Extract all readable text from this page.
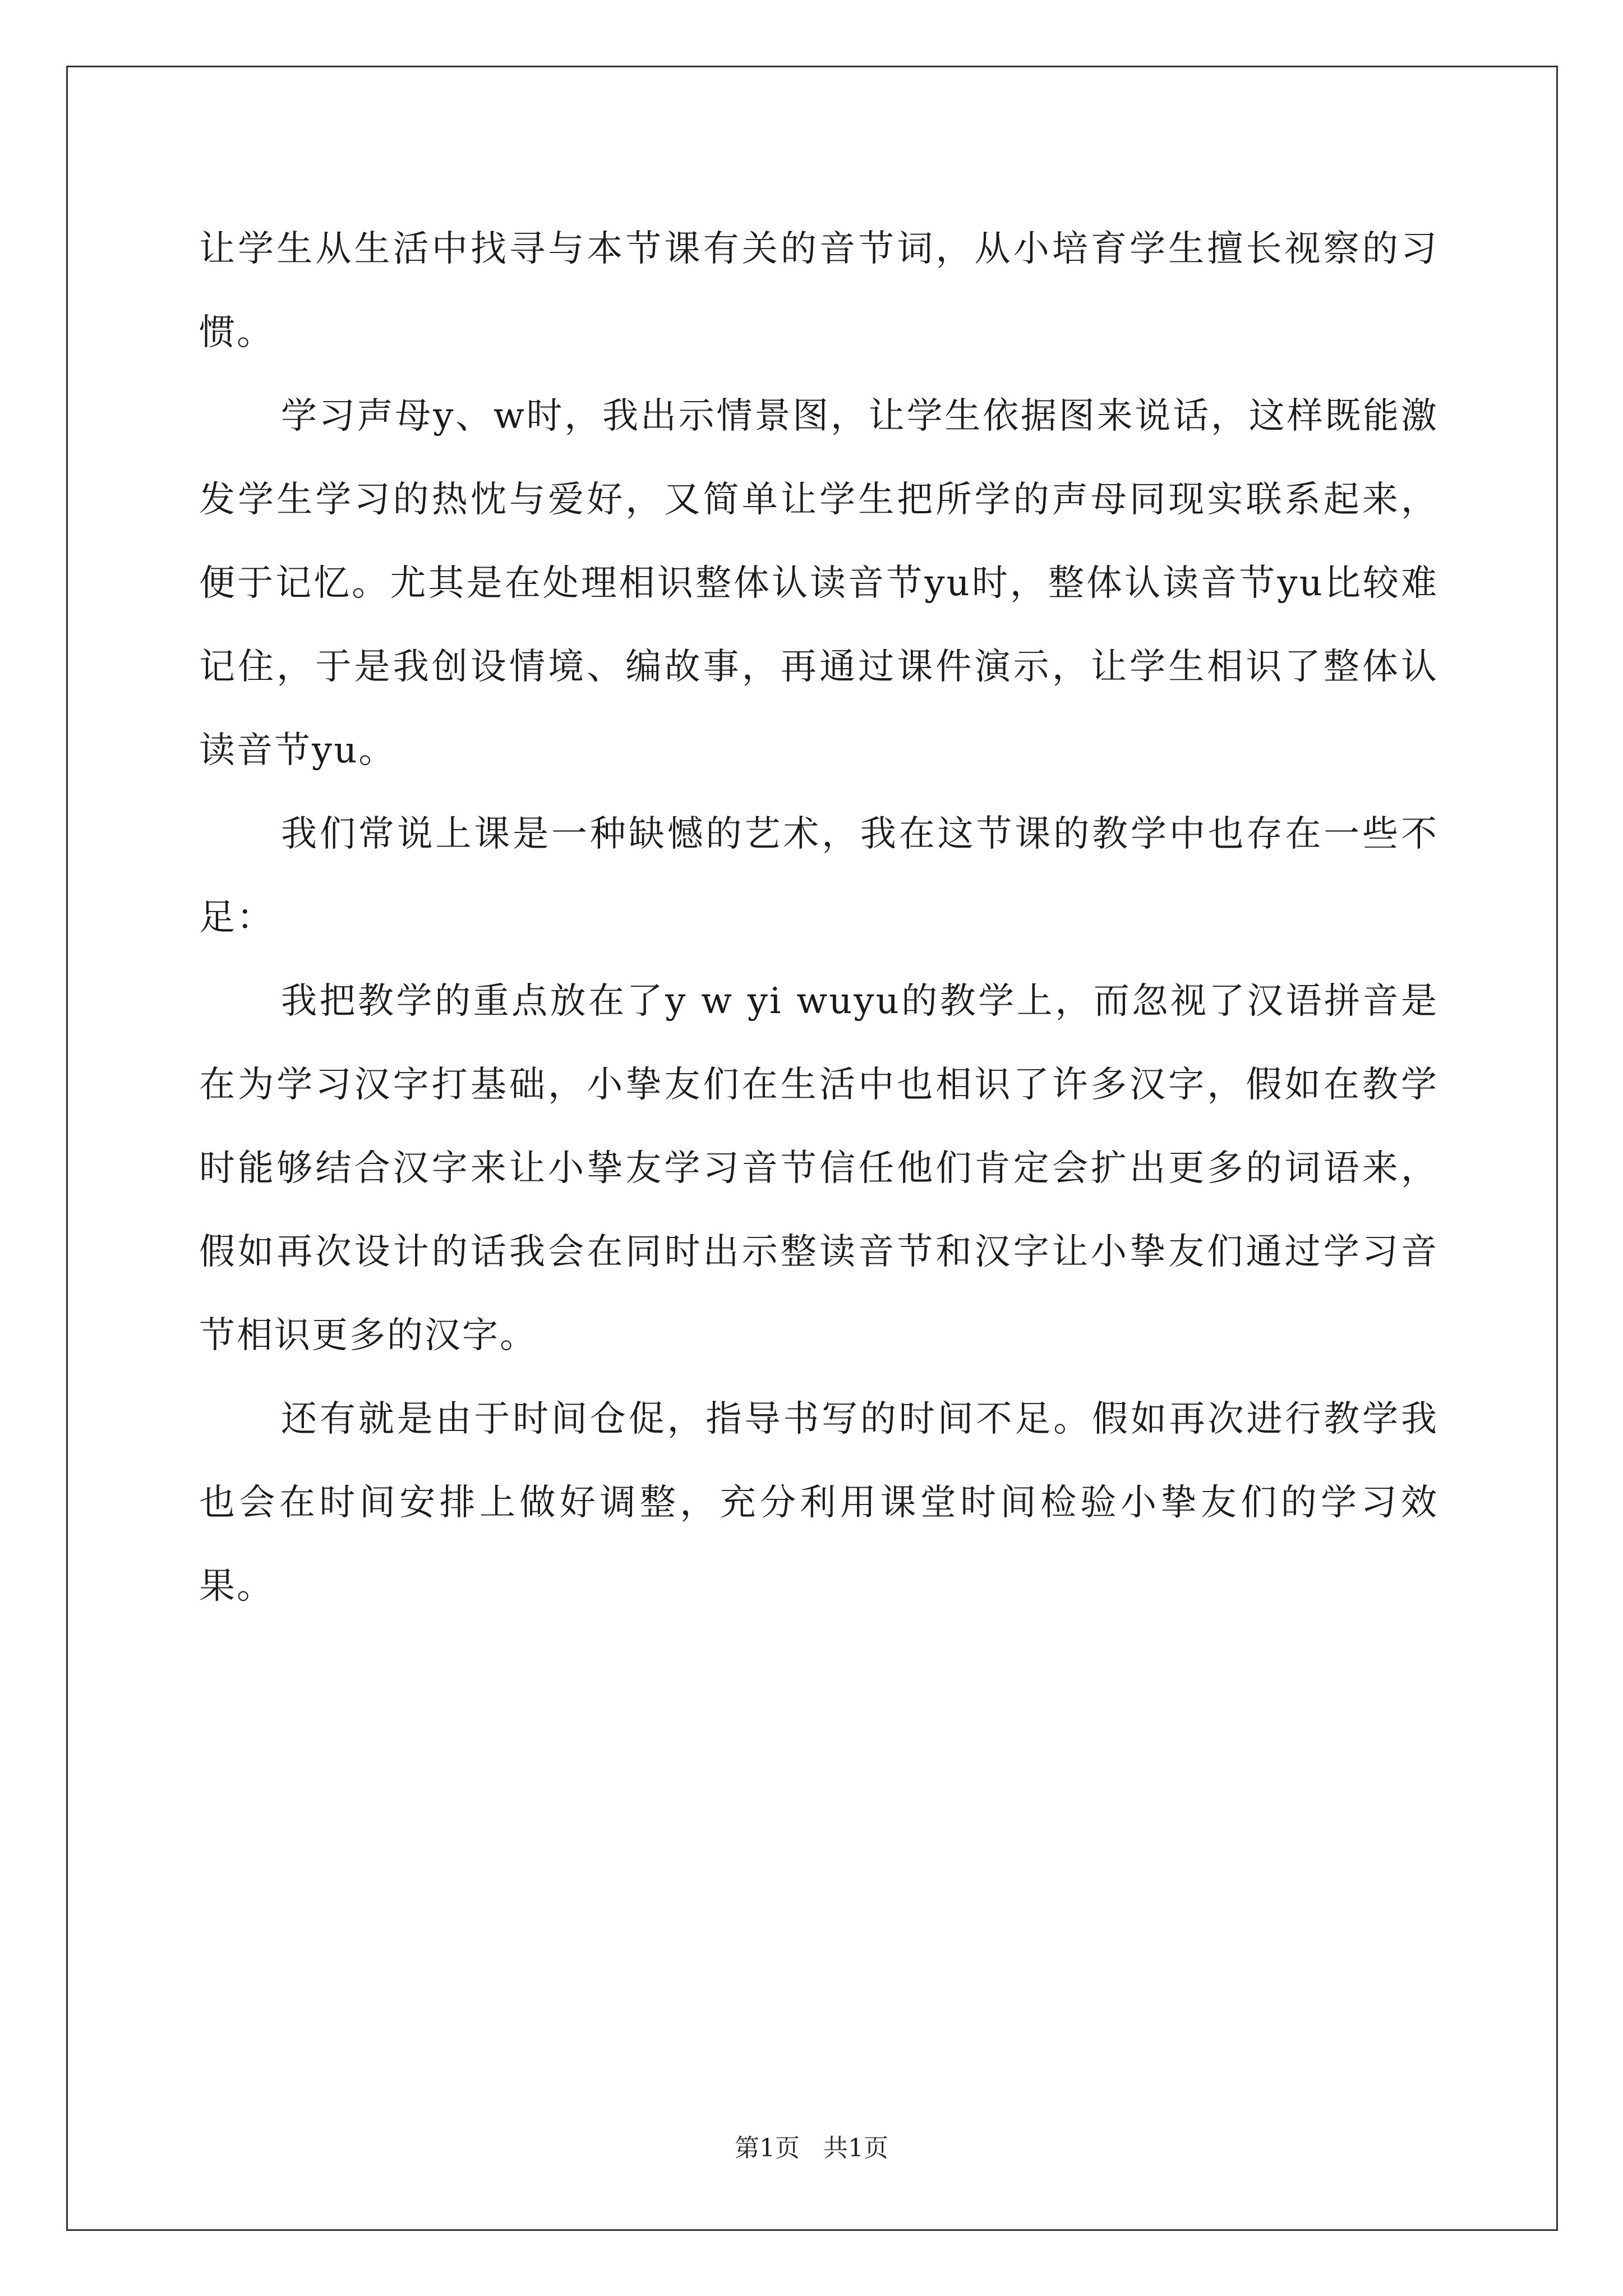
让学生从生活中找寻与本节课有关的音节词，从小培育学生擅长视察的习惯。

学习声母y、w时，我出示情景图，让学生依据图来说话，这样既能激发学生学习的热忱与爱好，又简单让学生把所学的声母同现实联系起来，便于记忆。尤其是在处理相识整体认读音节yu时，整体认读音节yu比较难记住，于是我创设情境、编故事，再通过课件演示，让学生相识了整体认读音节yu。

我们常说上课是一种缺憾的艺术，我在这节课的教学中也存在一些不足：

我把教学的重点放在了y w yi wuyu的教学上，而忽视了汉语拼音是在为学习汉字打基础，小挚友们在生活中也相识了许多汉字，假如在教学时能够结合汉字来让小挚友学习音节信任他们肯定会扩出更多的词语来，假如再次设计的话我会在同时出示整读音节和汉字让小挚友们通过学习音节相识更多的汉字。

还有就是由于时间仓促，指导书写的时间不足。假如再次进行教学我也会在时间安排上做好调整，充分利用课堂时间检验小挚友们的学习效果。

第1页 共1页
